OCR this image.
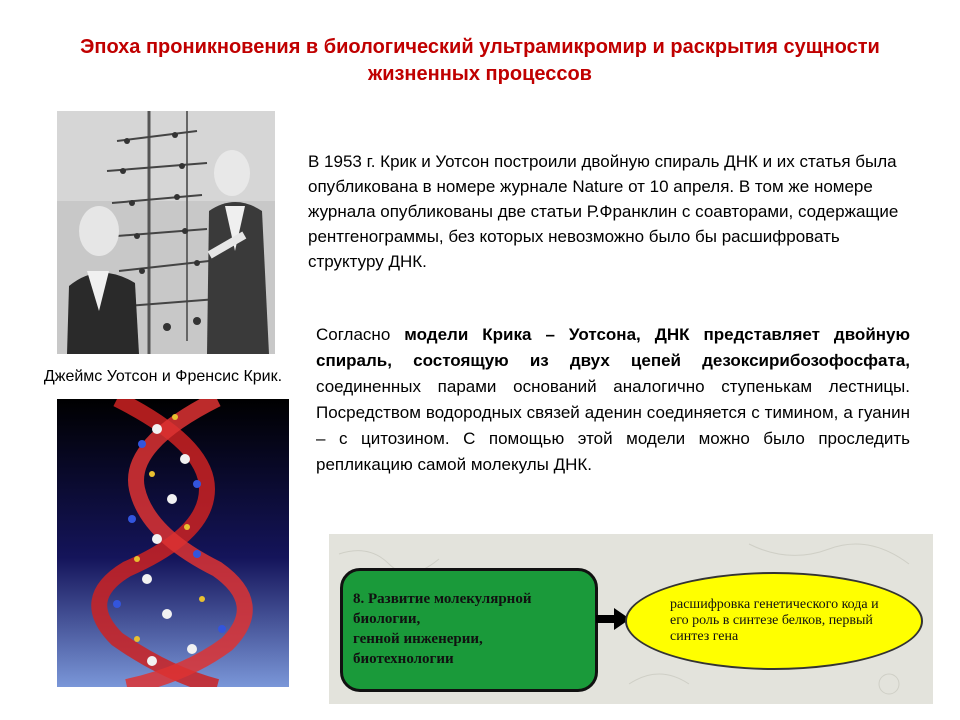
Эпоха проникновения в биологический ультрамикромир и раскрытия сущности жизненных процессов
Джеймс Уотсон и Френсис Крик.
В 1953 г. Крик и Уотсон построили двойную спираль ДНК и их статья была опубликована в номере журнале Nature от 10 апреля. В том же номере журнала опубликованы две статьи Р.Франклин с соавторами, содержащие рентгенограммы, без которых невозможно было бы расшифровать структуру ДНК.
Согласно модели Крика – Уотсона, ДНК представляет двойную спираль, состоящую из двух цепей дезоксирибозофосфата, соединенных парами оснований аналогично ступенькам лестницы. Посредством водородных связей аденин соединяется с тимином, а гуанин – с цитозином. С помощью этой модели можно было проследить репликацию самой молекулы ДНК.
8. Развитие молекулярной
биологии,
генной инженерии,
биотехнологии
расшифровка генетического кода и его роль в синтезе белков, первый синтез гена
